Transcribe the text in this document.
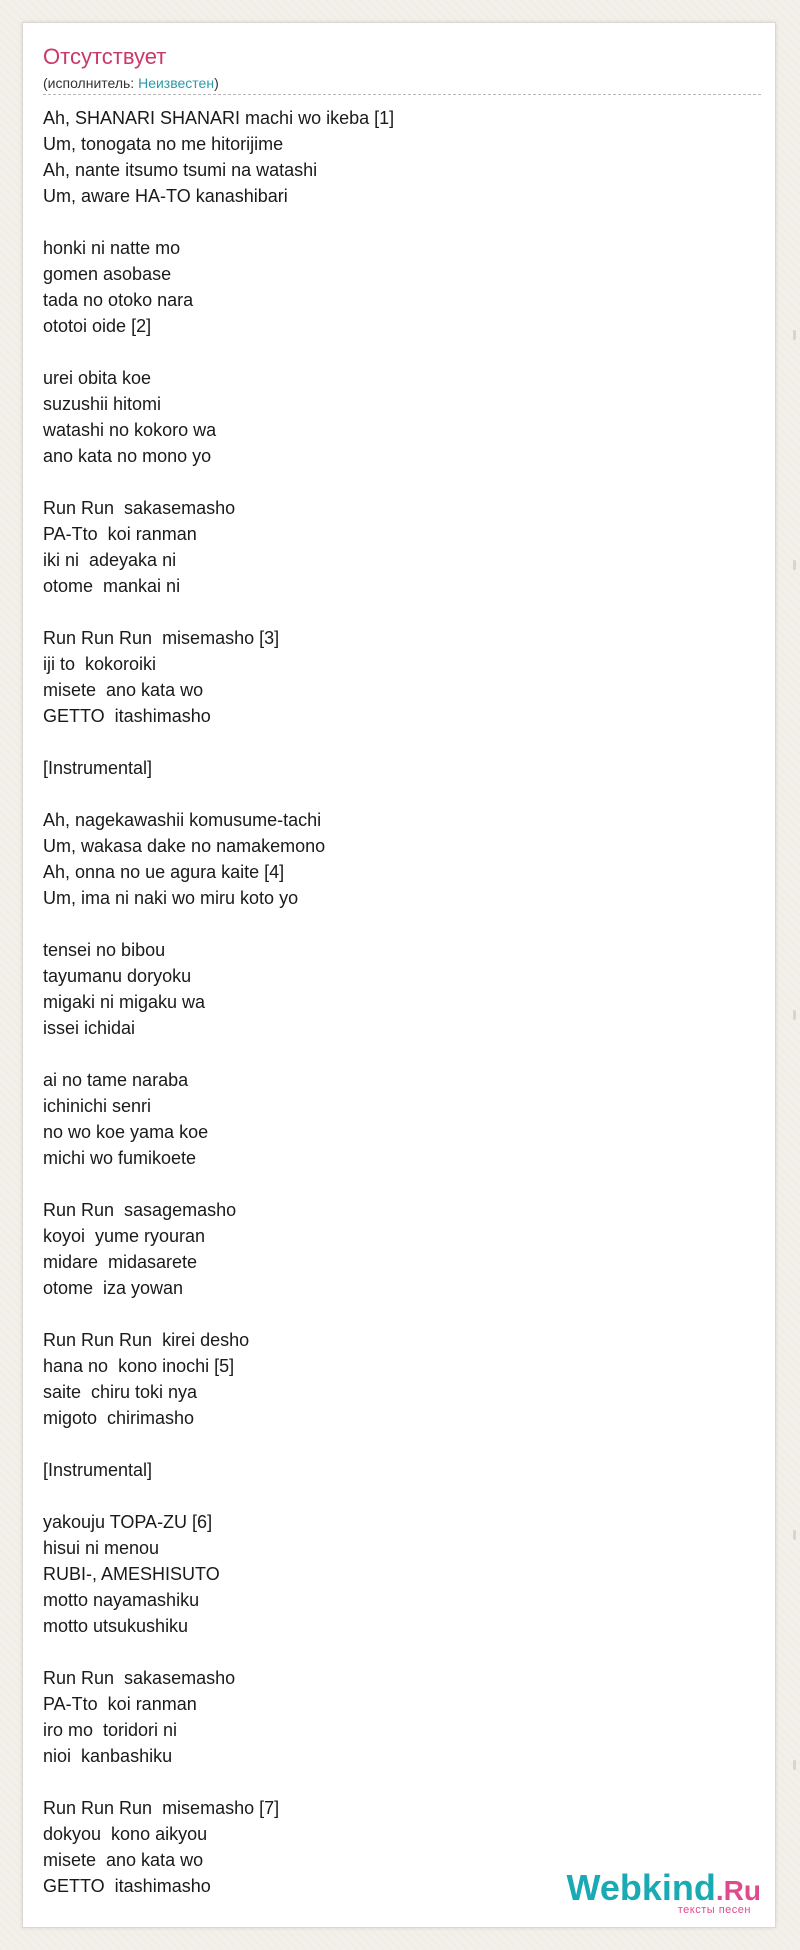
Отсутствует
(исполнитель: Неизвестен)
Ah, SHANARI SHANARI machi wo ikeba [1]
Um, tonogata no me hitorijime
Ah, nante itsumo tsumi na watashi
Um, aware HA-TO kanashibari
honki ni natte mo
gomen asobase
tada no otoko nara
ototoi oide [2]
urei obita koe
suzushii hitomi
watashi no kokoro wa
ano kata no mono yo
Run Run  sakasemasho
PA-Tto  koi ranman
iki ni  adeyaka ni
otome  mankai ni
Run Run Run  misemasho [3]
iji to  kokoroiki
misete  ano kata wo
GETTO  itashimasho
[Instrumental]
Ah, nagekawashii komusume-tachi
Um, wakasa dake no namakemono
Ah, onna no ue agura kaite [4]
Um, ima ni naki wo miru koto yo
tensei no bibou
tayumanu doryoku
migaki ni migaku wa
issei ichidai
ai no tame naraba
ichinichi senri
no wo koe yama koe
michi wo fumikoete
Run Run  sasagemasho
koyoi  yume ryouran
midare  midasarete
otome  iza yowan
Run Run Run  kirei desho
hana no  kono inochi [5]
saite  chiru toki nya
migoto  chirimasho
[Instrumental]
yakouju TOPA-ZU [6]
hisui ni menou
RUBI-, AMESHISUTO
motto nayamashiku
motto utsukushiku
Run Run  sakasemasho
PA-Tto  koi ranman
iro mo  toridori ni
nioi  kanbashiku
Run Run Run  misemasho [7]
dokyou  kono aikyou
misete  ano kata wo
GETTO  itashimasho	Webkind.Ru
тексты песен
